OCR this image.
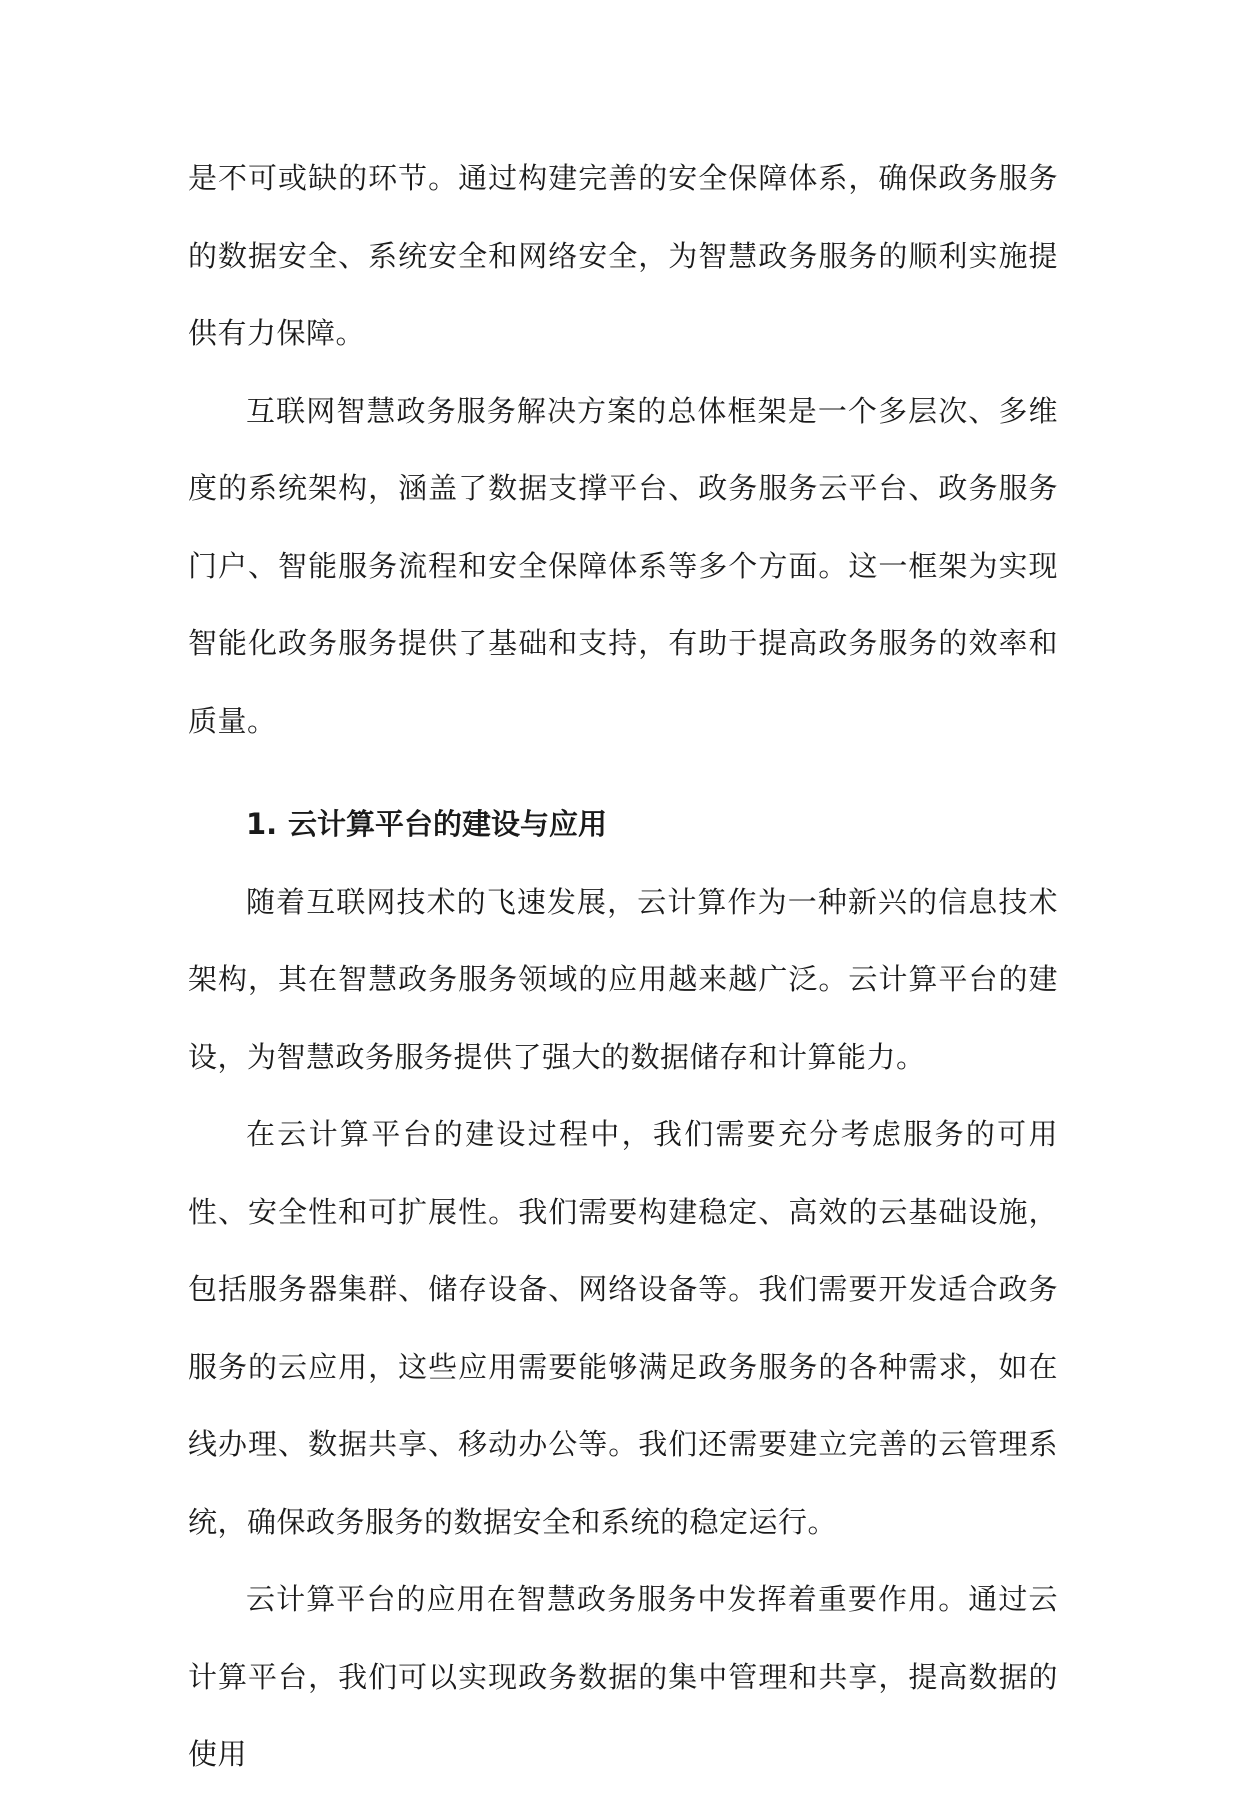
是不可或缺的环节。通过构建完善的安全保障体系，确保政务服务的数据安全、系统安全和网络安全，为智慧政务服务的顺利实施提供有力保障。

互联网智慧政务服务解决方案的总体框架是一个多层次、多维度的系统架构，涵盖了数据支撑平台、政务服务云平台、政务服务门户、智能服务流程和安全保障体系等多个方面。这一框架为实现智能化政务服务提供了基础和支持，有助于提高政务服务的效率和质量。

1. 云计算平台的建设与应用

随着互联网技术的飞速发展，云计算作为一种新兴的信息技术架构，其在智慧政务服务领域的应用越来越广泛。云计算平台的建设，为智慧政务服务提供了强大的数据储存和计算能力。

在云计算平台的建设过程中，我们需要充分考虑服务的可用性、安全性和可扩展性。我们需要构建稳定、高效的云基础设施，包括服务器集群、储存设备、网络设备等。我们需要开发适合政务服务的云应用，这些应用需要能够满足政务服务的各种需求，如在线办理、数据共享、移动办公等。我们还需要建立完善的云管理系统，确保政务服务的数据安全和系统的稳定运行。

云计算平台的应用在智慧政务服务中发挥着重要作用。通过云计算平台，我们可以实现政务数据的集中管理和共享，提高数据的使用
